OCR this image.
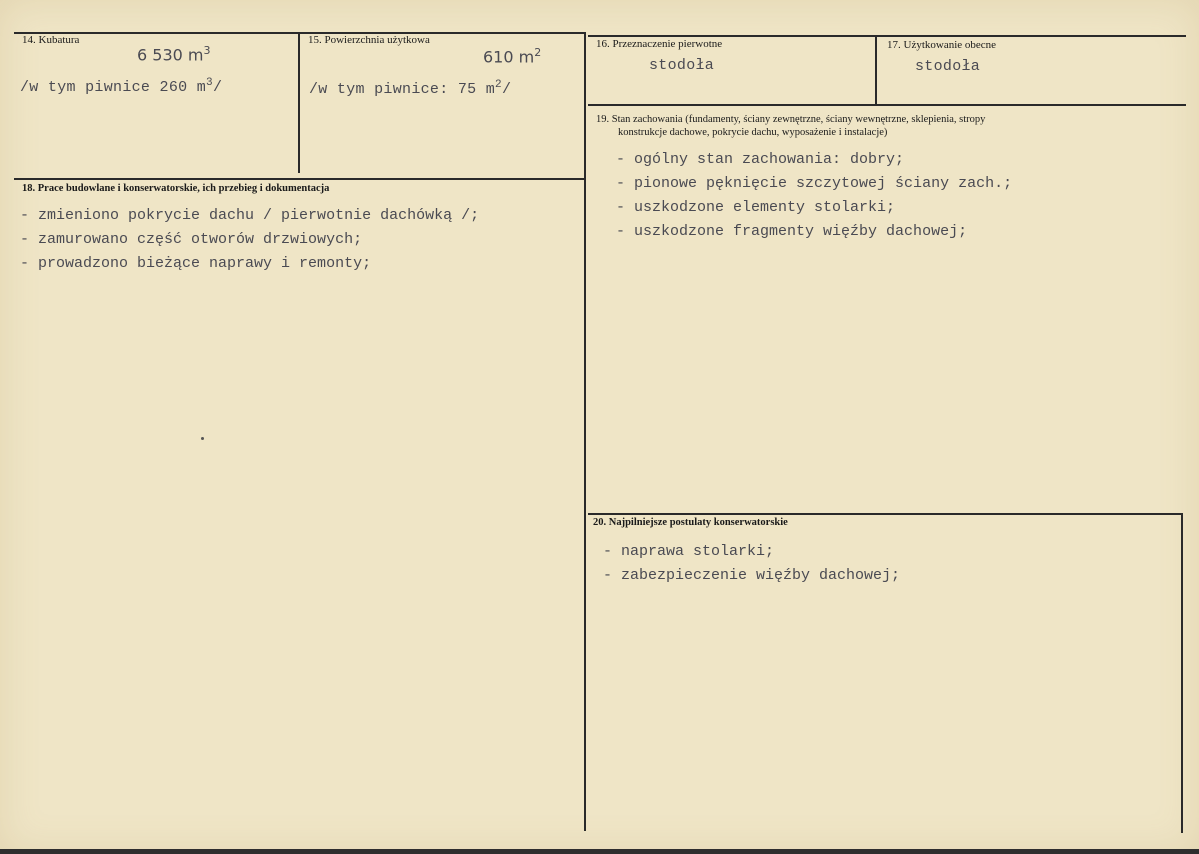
14. Kubatura
6 530 $m^3$
/w tym piwnice 260 $m^3/$
15. Powierzchnia użytkowa
610 $m^2$
/w tym piwnice: 75 $m^2/$
16. Przeznaczenie pierwotne
stodoła
17. Użytkowanie obecne
stodoła
18. Prace budowlane i konserwatorskie, ich przebieg i dokumentacja
- zmieniono pokrycie dachu / pierwotnie dachówką /;
- zamurowano część otworów drzwiowych;
- prowadzono bieżące naprawy i remonty;
19. Stan zachowania (fundamenty, ściany zewnętrzne, ściany wewnętrzne, sklepienia, stropy
konstrukcje dachowe, pokrycie dachu, wyposażenie i instalacje)
- ogólny stan zachowania: dobry;
- pionowe pęknięcie szczytowej ściany zach.;
- uszkodzone elementy stolarki;
- uszkodzone fragmenty więźby dachowej;
20. Najpilniejsze postulaty konserwatorskie
- naprawa stolarki;
- zabezpieczenie więźby dachowej;
